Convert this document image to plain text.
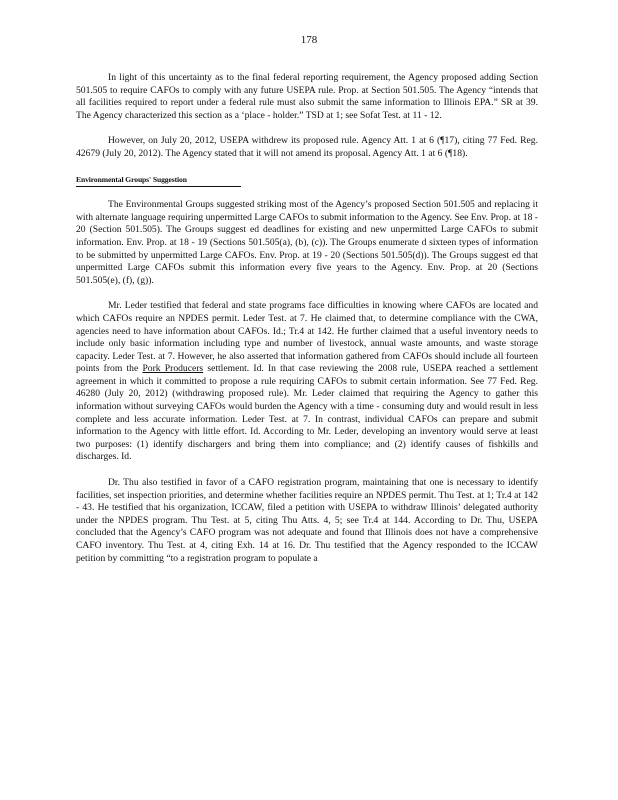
178

In light of this uncertainty as to the final federal reporting requirement, the Agency proposed adding Section 501.505 to require CAFOs to comply with any future USEPA rule. Prop. at Section 501.505. The Agency “intends that all facilities required to report under a federal rule must also submit the same information to Illinois EPA.” SR at 39. The Agency characterized this section as a ‘place - holder.” TSD at 1; see Sofat Test. at 11 - 12.

However, on July 20, 2012, USEPA withdrew its proposed rule. Agency Att. 1 at 6 (¶17), citing 77 Fed. Reg. 42679 (July 20, 2012). The Agency stated that it will not amend its proposal. Agency Att. 1 at 6 (¶18).

Environmental Groups' Suggestion

The Environmental Groups suggested striking most of the Agency’s proposed Section 501.505 and replacing it with alternate language requiring unpermitted Large CAFOs to submit information to the Agency. See Env. Prop. at 18 - 20 (Section 501.505). The Groups suggest ed deadlines for existing and new unpermitted Large CAFOs to submit information. Env. Prop. at 18 - 19 (Sections 501.505(a), (b), (c)). The Groups enumerate d sixteen types of information to be submitted by unpermitted Large CAFOs. Env. Prop. at 19 - 20 (Sections 501.505(d)). The Groups suggest ed that unpermitted Large CAFOs submit this information every five years to the Agency. Env. Prop. at 20 (Sections 501.505(e), (f), (g)).

Mr. Leder testified that federal and state programs face difficulties in knowing where CAFOs are located and which CAFOs require an NPDES permit. Leder Test. at 7. He claimed that, to determine compliance with the CWA, agencies need to have information about CAFOs. Id.; Tr.4 at 142. He further claimed that a useful inventory needs to include only basic information including type and number of livestock, annual waste amounts, and waste storage capacity. Leder Test. at 7. However, he also asserted that information gathered from CAFOs should include all fourteen points from the Pork Producers settlement. Id. In that case reviewing the 2008 rule, USEPA reached a settlement agreement in which it committed to propose a rule requiring CAFOs to submit certain information. See 77 Fed. Reg. 46280 (July 20, 2012) (withdrawing proposed rule). Mr. Leder claimed that requiring the Agency to gather this information without surveying CAFOs would burden the Agency with a time - consuming duty and would result in less complete and less accurate information. Leder Test. at 7. In contrast, individual CAFOs can prepare and submit information to the Agency with little effort. Id. According to Mr. Leder, developing an inventory would serve at least two purposes: (1) identify dischargers and bring them into compliance; and (2) identify causes of fishkills and discharges. Id.

Dr. Thu also testified in favor of a CAFO registration program, maintaining that one is necessary to identify facilities, set inspection priorities, and determine whether facilities require an NPDES permit. Thu Test. at 1; Tr.4 at 142 - 43. He testified that his organization, ICCAW, filed a petition with USEPA to withdraw Illinois’ delegated authority under the NPDES program. Thu Test. at 5, citing Thu Atts. 4, 5; see Tr.4 at 144. According to Dr. Thu, USEPA concluded that the Agency’s CAFO program was not adequate and found that Illinois does not have a comprehensive CAFO inventory. Thu Test. at 4, citing Exh. 14 at 16. Dr. Thu testified that the Agency responded to the ICCAW petition by committing “to a registration program to populate a
